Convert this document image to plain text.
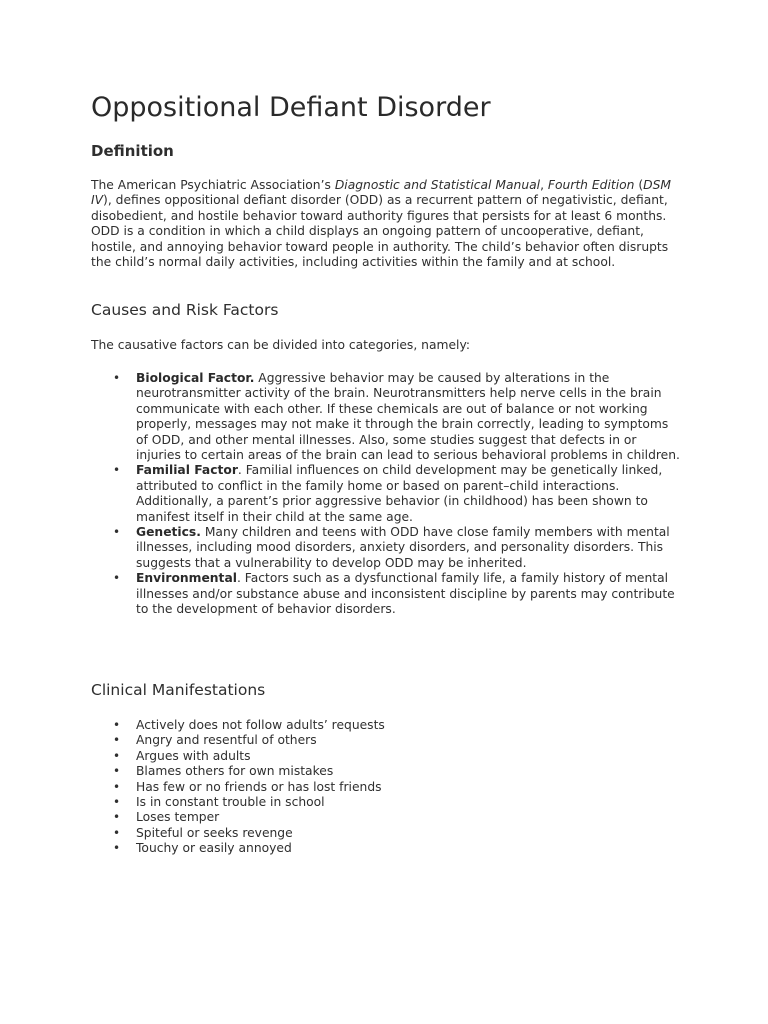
Oppositional Defiant Disorder
Definition

The American Psychiatric Association’s Diagnostic and Statistical Manual, Fourth Edition (DSM IV), defines oppositional defiant disorder (ODD) as a recurrent pattern of negativistic, defiant, disobedient, and hostile behavior toward authority figures that persists for at least 6 months. ODD is a condition in which a child displays an ongoing pattern of uncooperative, defiant, hostile, and annoying behavior toward people in authority. The child’s behavior often disrupts the child’s normal daily activities, including activities within the family and at school.

Causes and Risk Factors

The causative factors can be divided into categories, namely:

• Biological Factor. Aggressive behavior may be caused by alterations in the neurotransmitter activity of the brain. Neurotransmitters help nerve cells in the brain communicate with each other. If these chemicals are out of balance or not working properly, messages may not make it through the brain correctly, leading to symptoms of ODD, and other mental illnesses. Also, some studies suggest that defects in or injuries to certain areas of the brain can lead to serious behavioral problems in children.
• Familial Factor. Familial influences on child development may be genetically linked, attributed to conflict in the family home or based on parent–child interactions. Additionally, a parent’s prior aggressive behavior (in childhood) has been shown to manifest itself in their child at the same age.
• Genetics. Many children and teens with ODD have close family members with mental illnesses, including mood disorders, anxiety disorders, and personality disorders. This suggests that a vulnerability to develop ODD may be inherited.
• Environmental. Factors such as a dysfunctional family life, a family history of mental illnesses and/or substance abuse and inconsistent discipline by parents may contribute to the development of behavior disorders.
Clinical Manifestations
• Actively does not follow adults’ requests
• Angry and resentful of others
• Argues with adults
• Blames others for own mistakes
• Has few or no friends or has lost friends
• Is in constant trouble in school
• Loses temper
• Spiteful or seeks revenge
• Touchy or easily annoyed
